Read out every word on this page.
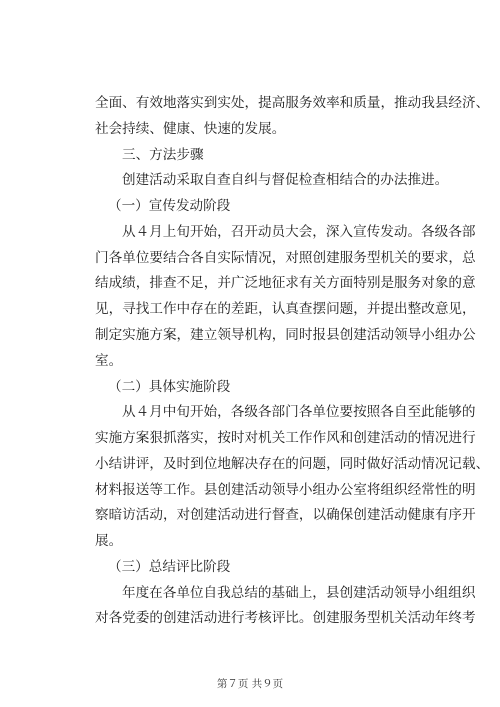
全面、有效地落实到实处，提高服务效率和质量，推动我县经济、
社会持续、健康、快速的发展。
三、方法步骤
创建活动采取自查自纠与督促检查相结合的办法推进。
（一）宣传发动阶段
从４月上旬开始，召开动员大会，深入宣传发动。各级各部
门各单位要结合各自实际情况，对照创建服务型机关的要求，总
结成绩，排查不足，并广泛地征求有关方面特别是服务对象的意
见，寻找工作中存在的差距，认真查摆问题，并提出整改意见，
制定实施方案，建立领导机构，同时报县创建活动领导小组办公
室。
（二）具体实施阶段
从４月中旬开始，各级各部门各单位要按照各自至此能够的
实施方案狠抓落实，按时对机关工作作风和创建活动的情况进行
小结讲评，及时到位地解决存在的问题，同时做好活动情况记载、
材料报送等工作。县创建活动领导小组办公室将组织经常性的明
察暗访活动，对创建活动进行督查，以确保创建活动健康有序开
展。
（三）总结评比阶段
年度在各单位自我总结的基础上，县创建活动领导小组组织
对各党委的创建活动进行考核评比。创建服务型机关活动年终考
第７页 共９页
